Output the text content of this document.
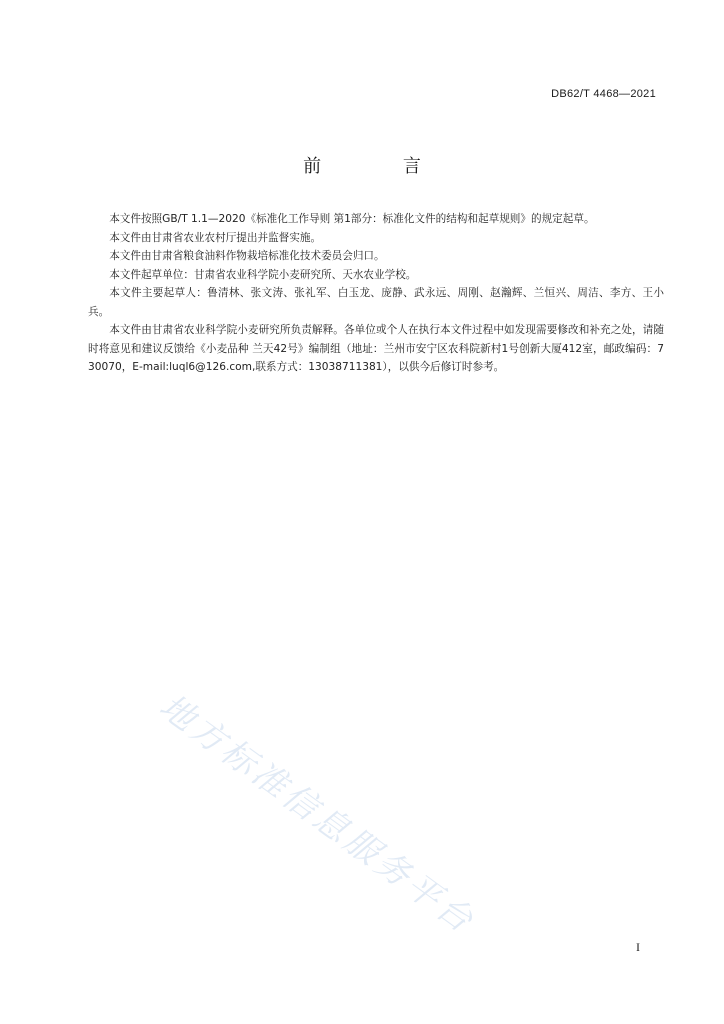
DB62/T 4468—2021
前 言

本文件按照GB/T 1.1—2020《标准化工作导则 第1部分：标准化文件的结构和起草规则》的规定起草。

本文件由甘肃省农业农村厅提出并监督实施。

本文件由甘肃省粮食油料作物栽培标准化技术委员会归口。

本文件起草单位：甘肃省农业科学院小麦研究所、天水农业学校。

本文件主要起草人：鲁清林、张文涛、张礼军、白玉龙、庞静、武永远、周刚、赵瀚辉、兰恒兴、周洁、李方、王小兵。

本文件由甘肃省农业科学院小麦研究所负责解释。各单位或个人在执行本文件过程中如发现需要修改和补充之处，请随时将意见和建议反馈给《小麦品种 兰天42号》编制组（地址：兰州市安宁区农科院新村1号创新大厦412室，邮政编码：730070，E-mail:luql6@126.com,联系方式：13038711381），以供今后修订时参考。

地方标准信息服务平台
I
